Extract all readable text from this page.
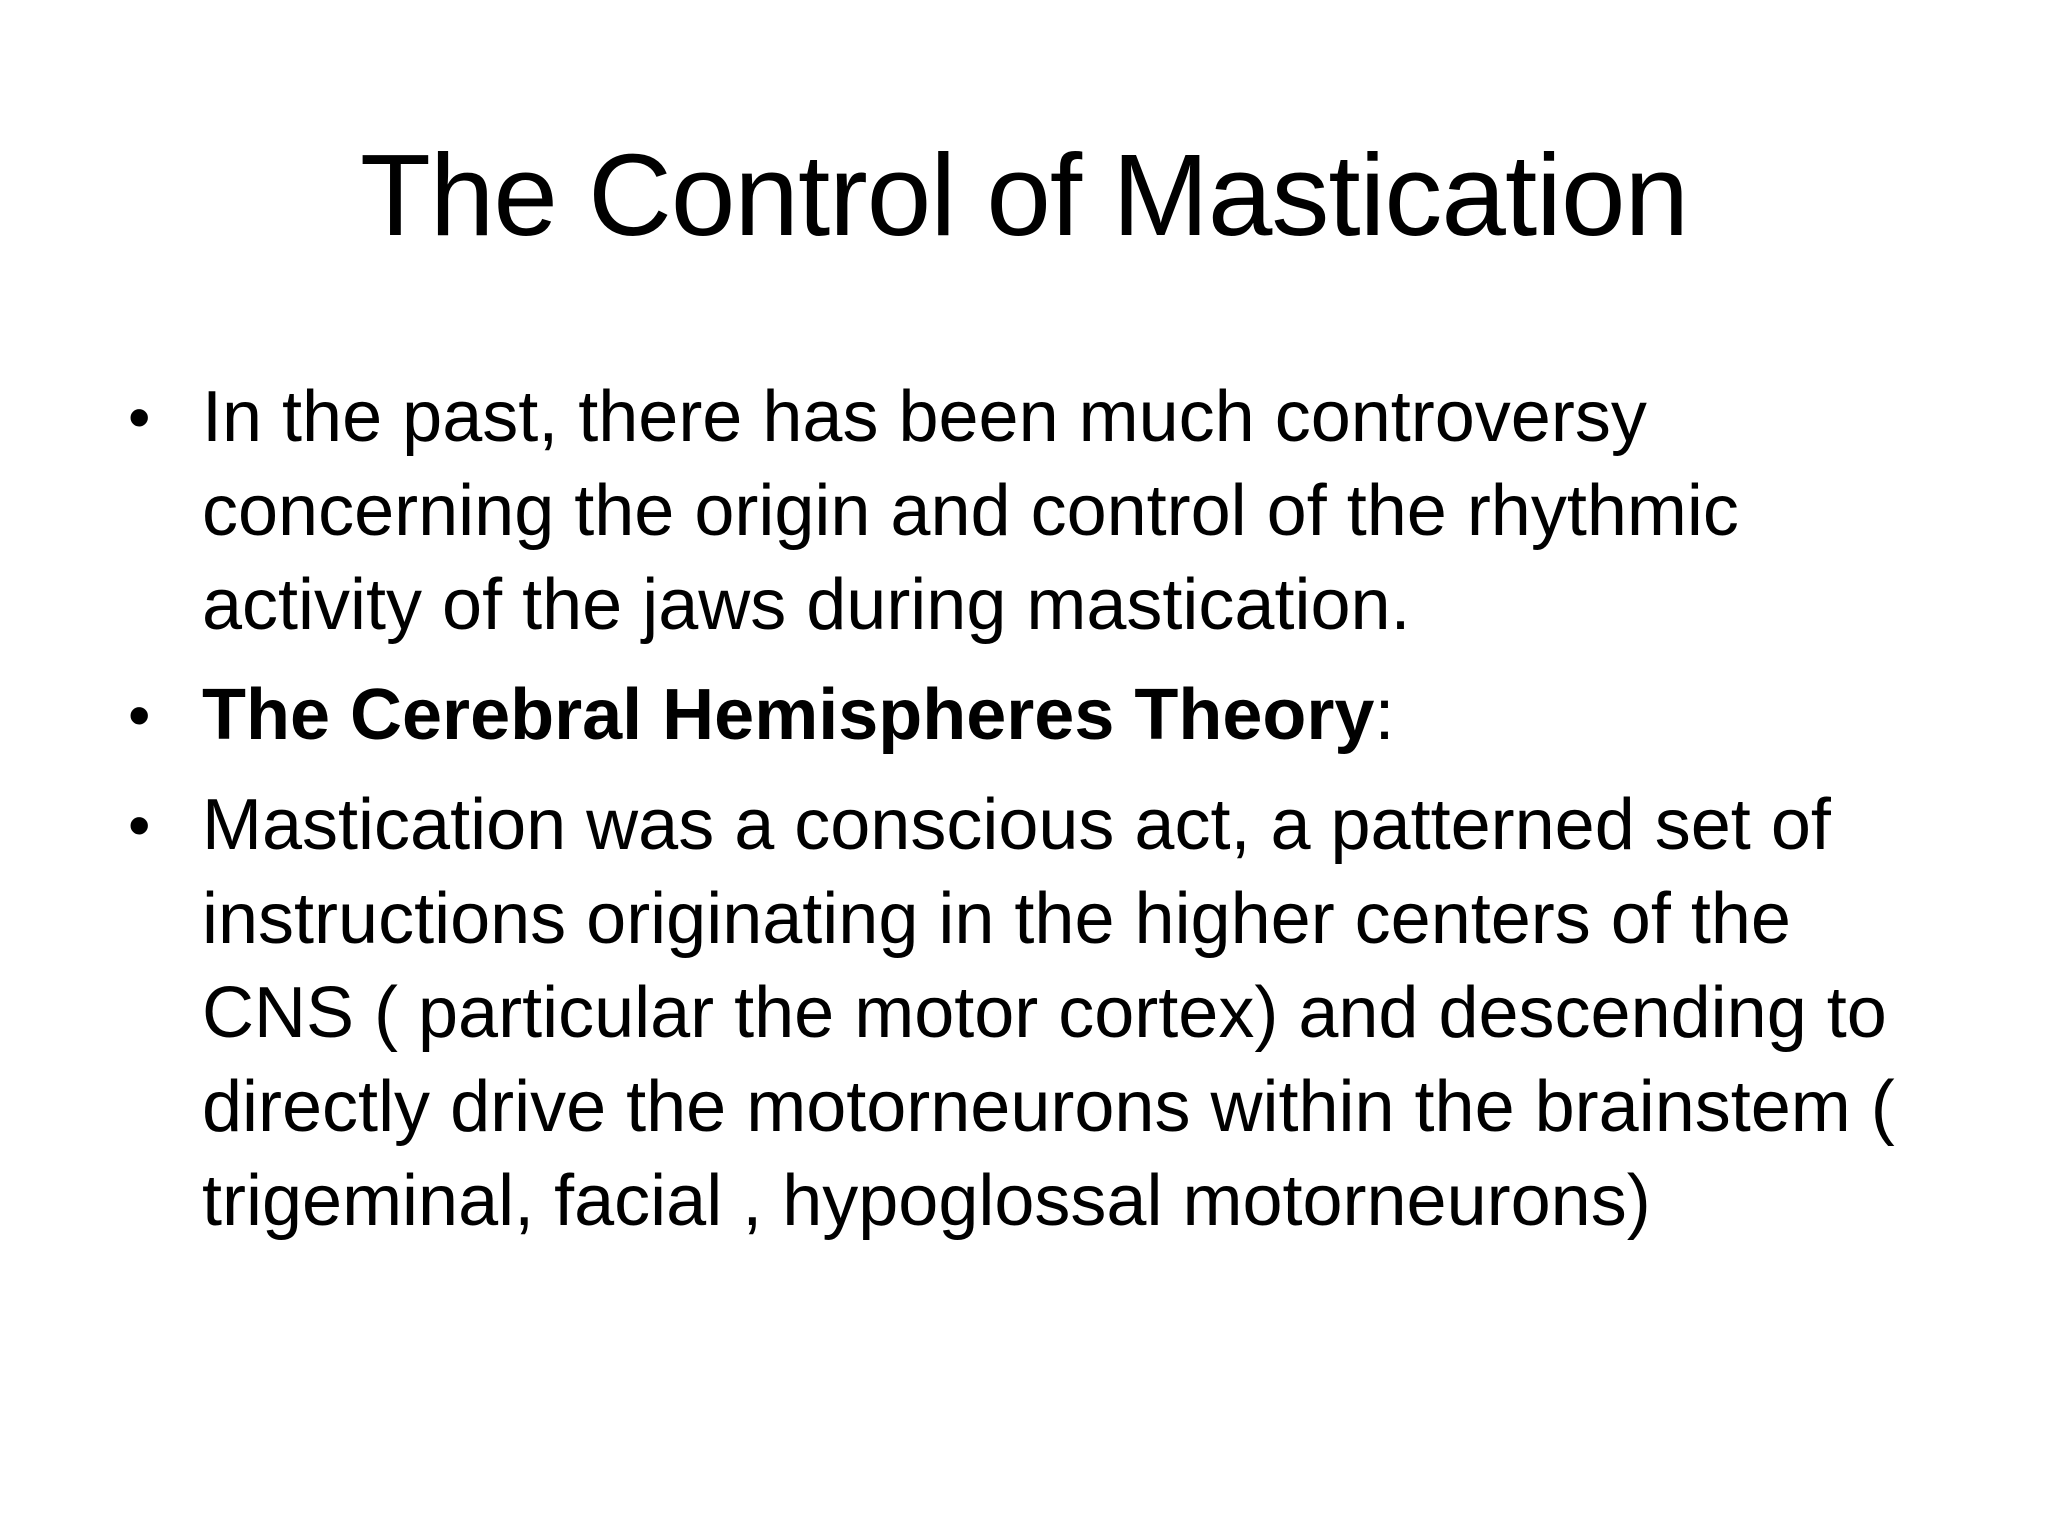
The Control of Mastication
• In the past, there has been much controversy concerning the origin and control of the rhythmic activity of the jaws during mastication.
• The Cerebral Hemispheres Theory:
• Mastication was a conscious act, a patterned set of instructions originating in the higher centers of the CNS ( particular the motor cortex) and descending to directly drive the motorneurons within the brainstem ( trigeminal, facial , hypoglossal motorneurons)
